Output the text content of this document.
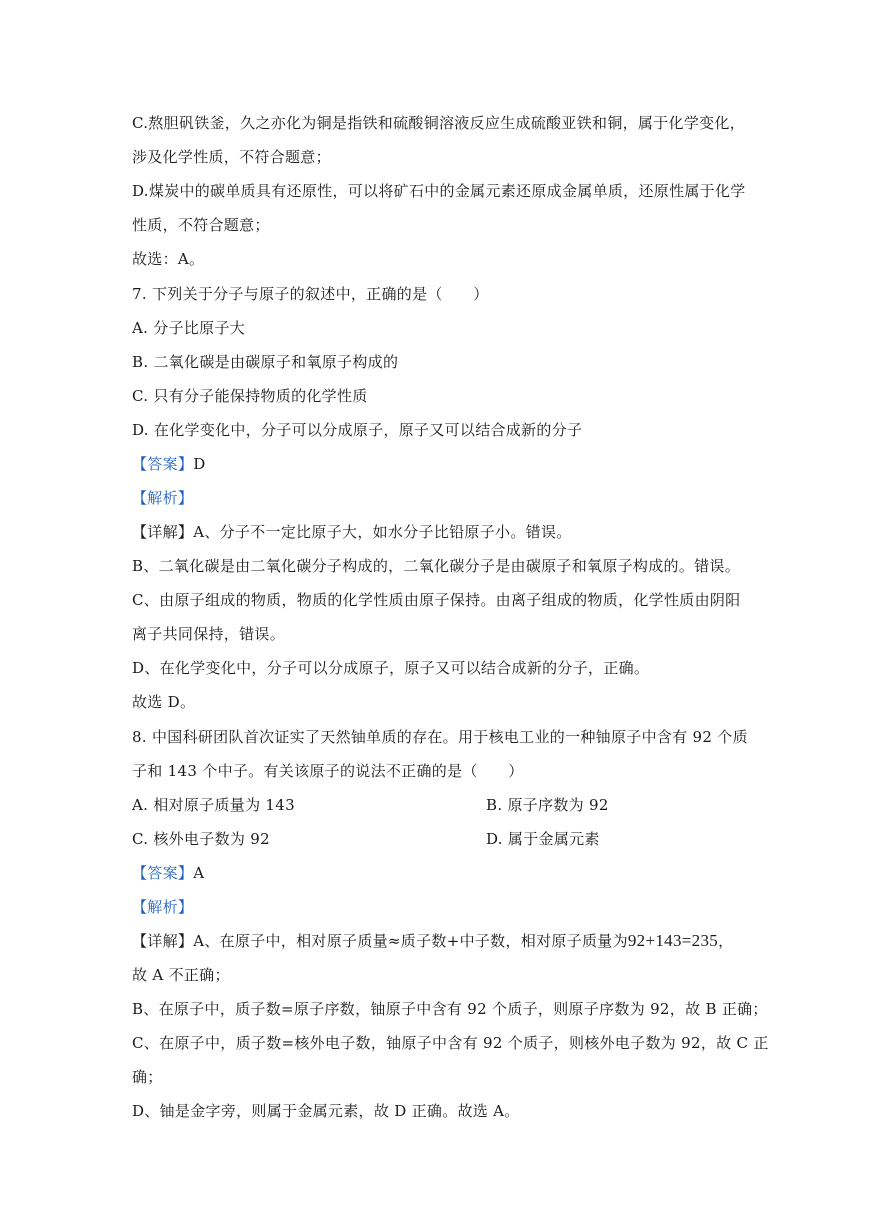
C.熬胆矾铁釜，久之亦化为铜是指铁和硫酸铜溶液反应生成硫酸亚铁和铜，属于化学变化，
涉及化学性质，不符合题意；
D.煤炭中的碳单质具有还原性，可以将矿石中的金属元素还原成金属单质，还原性属于化学
性质，不符合题意；
故选：A。
7. 下列关于分子与原子的叙述中，正确的是（　　）
A. 分子比原子大
B. 二氧化碳是由碳原子和氧原子构成的
C. 只有分子能保持物质的化学性质
D. 在化学变化中，分子可以分成原子，原子又可以结合成新的分子
【答案】D
【解析】
【详解】A、分子不一定比原子大，如水分子比铅原子小。错误。
B、二氧化碳是由二氧化碳分子构成的，二氧化碳分子是由碳原子和氧原子构成的。错误。
C、由原子组成的物质，物质的化学性质由原子保持。由离子组成的物质，化学性质由阴阳
离子共同保持，错误。
D、在化学变化中，分子可以分成原子，原子又可以结合成新的分子，正确。
故选 D。
8. 中国科研团队首次证实了天然铀单质的存在。用于核电工业的一种铀原子中含有 92 个质
子和 143 个中子。有关该原子的说法不正确的是（　　）
A. 相对原子质量为 143	B. 原子序数为 92
C. 核外电子数为 92	D. 属于金属元素
【答案】A
【解析】
【详解】A、在原子中，相对原子质量≈质子数+中子数，相对原子质量为92+143=235，
故 A 不正确；
B、在原子中，质子数=原子序数，铀原子中含有 92 个质子，则原子序数为 92，故 B 正确；
C、在原子中，质子数=核外电子数，铀原子中含有 92 个质子，则核外电子数为 92，故 C 正
确；
D、铀是金字旁，则属于金属元素，故 D 正确。故选 A。
